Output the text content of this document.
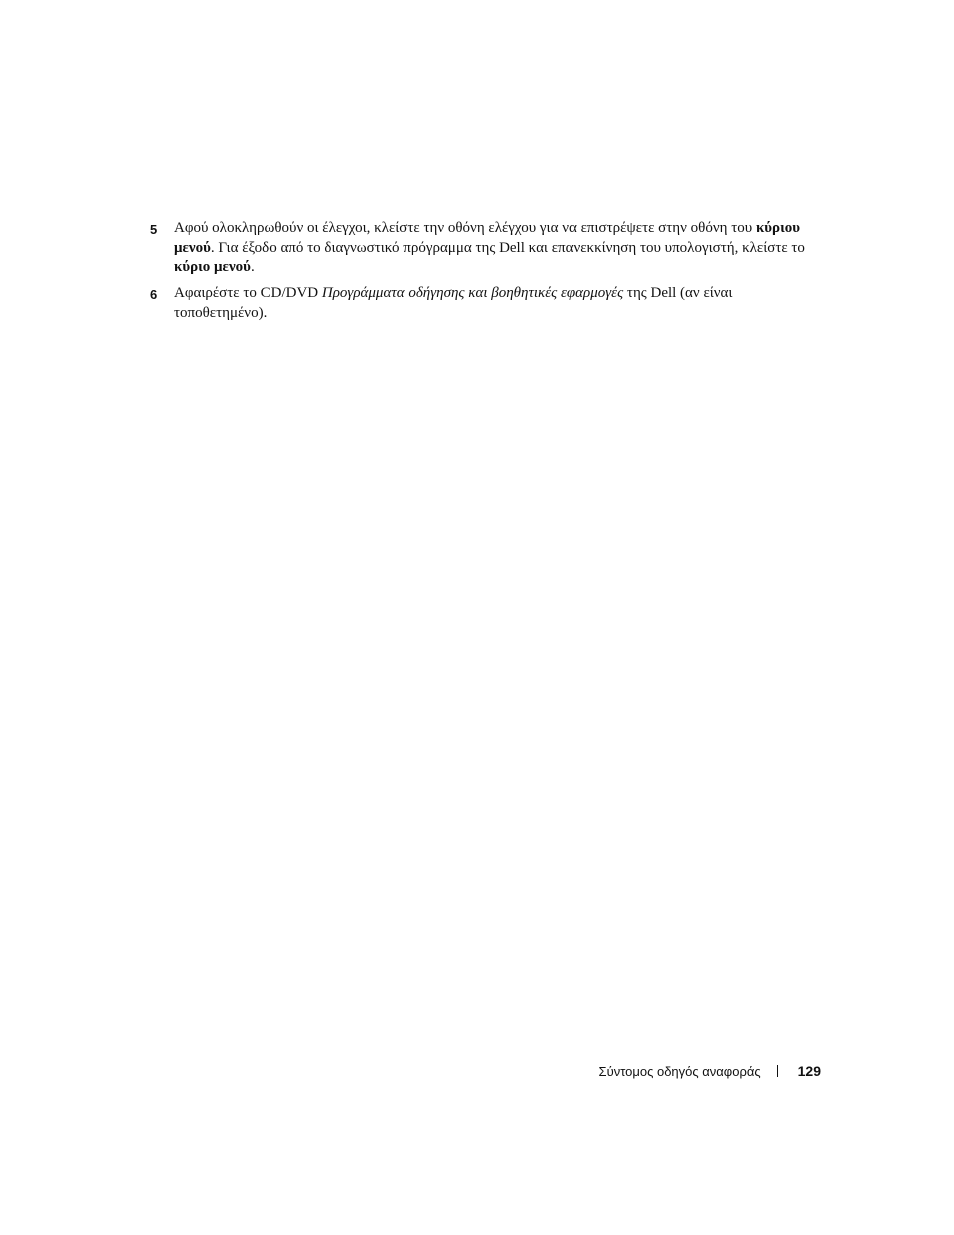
5 Αφού ολοκληρωθούν οι έλεγχοι, κλείστε την οθόνη ελέγχου για να επιστρέψετε στην οθόνη του κύριου μενού. Για έξοδο από το διαγνωστικό πρόγραμμα της Dell και επανεκκίνηση του υπολογιστή, κλείστε το κύριο μενού.
6 Αφαιρέστε το CD/DVD Προγράμματα οδήγησης και βοηθητικές εφαρμογές της Dell (αν είναι τοποθετημένο).
Σύντομος οδηγός αναφοράς	129
